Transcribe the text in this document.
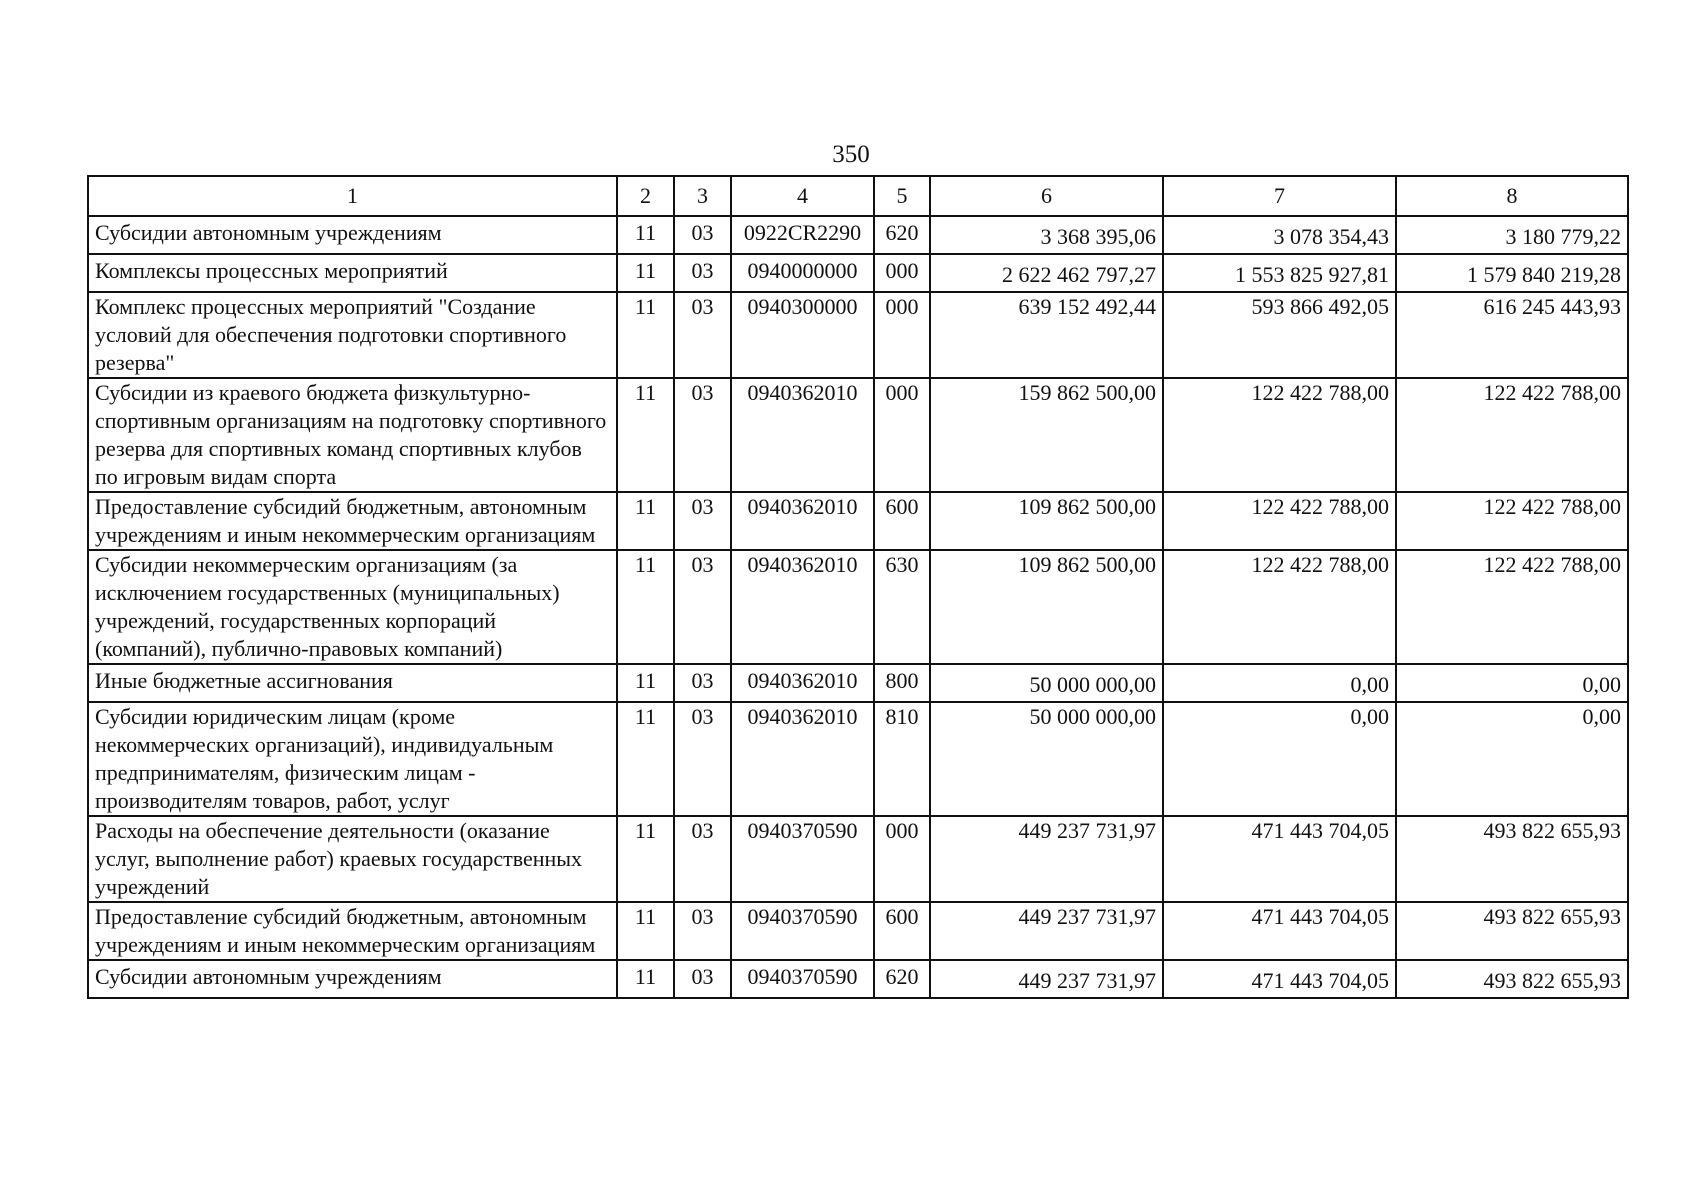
350
1	2	3	4	5	6	7	8
Субсидии автономным учреждениям	11	03	0922CR2290	620	3 368 395,06	3 078 354,43	3 180 779,22
Комплексы процессных мероприятий	11	03	0940000000	000	2 622 462 797,27	1 553 825 927,81	1 579 840 219,28
Комплекс процессных мероприятий "Создание условий для обеспечения подготовки спортивного резерва"	11	03	0940300000	000	639 152 492,44	593 866 492,05	616 245 443,93
Субсидии из краевого бюджета физкультурно-спортивным организациям на подготовку спортивного резерва для спортивных команд спортивных клубов по игровым видам спорта	11	03	0940362010	000	159 862 500,00	122 422 788,00	122 422 788,00
Предоставление субсидий бюджетным, автономным учреждениям и иным некоммерческим организациям	11	03	0940362010	600	109 862 500,00	122 422 788,00	122 422 788,00
Субсидии некоммерческим организациям (за исключением государственных (муниципальных) учреждений, государственных корпораций (компаний), публично-правовых компаний)	11	03	0940362010	630	109 862 500,00	122 422 788,00	122 422 788,00
Иные бюджетные ассигнования	11	03	0940362010	800	50 000 000,00	0,00	0,00
Субсидии юридическим лицам (кроме некоммерческих организаций), индивидуальным предпринимателям, физическим лицам - производителям товаров, работ, услуг	11	03	0940362010	810	50 000 000,00	0,00	0,00
Расходы на обеспечение деятельности (оказание услуг, выполнение работ) краевых государственных учреждений	11	03	0940370590	000	449 237 731,97	471 443 704,05	493 822 655,93
Предоставление субсидий бюджетным, автономным учреждениям и иным некоммерческим организациям	11	03	0940370590	600	449 237 731,97	471 443 704,05	493 822 655,93
Субсидии автономным учреждениям	11	03	0940370590	620	449 237 731,97	471 443 704,05	493 822 655,93
